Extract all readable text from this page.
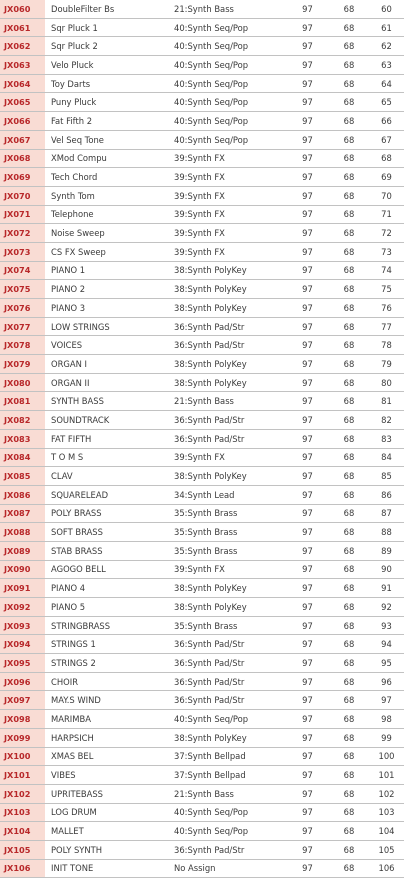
JX060	DoubleFilter Bs	21:Synth Bass	97	68	60
JX061	Sqr Pluck 1	40:Synth Seq/Pop	97	68	61
JX062	Sqr Pluck 2	40:Synth Seq/Pop	97	68	62
JX063	Velo Pluck	40:Synth Seq/Pop	97	68	63
JX064	Toy Darts	40:Synth Seq/Pop	97	68	64
JX065	Puny Pluck	40:Synth Seq/Pop	97	68	65
JX066	Fat Fifth 2	40:Synth Seq/Pop	97	68	66
JX067	Vel Seq Tone	40:Synth Seq/Pop	97	68	67
JX068	XMod Compu	39:Synth FX	97	68	68
JX069	Tech Chord	39:Synth FX	97	68	69
JX070	Synth Tom	39:Synth FX	97	68	70
JX071	Telephone	39:Synth FX	97	68	71
JX072	Noise Sweep	39:Synth FX	97	68	72
JX073	CS FX Sweep	39:Synth FX	97	68	73
JX074	PIANO 1	38:Synth PolyKey	97	68	74
JX075	PIANO 2	38:Synth PolyKey	97	68	75
JX076	PIANO 3	38:Synth PolyKey	97	68	76
JX077	LOW STRINGS	36:Synth Pad/Str	97	68	77
JX078	VOICES	36:Synth Pad/Str	97	68	78
JX079	ORGAN I	38:Synth PolyKey	97	68	79
JX080	ORGAN II	38:Synth PolyKey	97	68	80
JX081	SYNTH BASS	21:Synth Bass	97	68	81
JX082	SOUNDTRACK	36:Synth Pad/Str	97	68	82
JX083	FAT FIFTH	36:Synth Pad/Str	97	68	83
JX084	T O M S	39:Synth FX	97	68	84
JX085	CLAV	38:Synth PolyKey	97	68	85
JX086	SQUARELEAD	34:Synth Lead	97	68	86
JX087	POLY BRASS	35:Synth Brass	97	68	87
JX088	SOFT BRASS	35:Synth Brass	97	68	88
JX089	STAB BRASS	35:Synth Brass	97	68	89
JX090	AGOGO BELL	39:Synth FX	97	68	90
JX091	PIANO 4	38:Synth PolyKey	97	68	91
JX092	PIANO 5	38:Synth PolyKey	97	68	92
JX093	STRINGBRASS	35:Synth Brass	97	68	93
JX094	STRINGS 1	36:Synth Pad/Str	97	68	94
JX095	STRINGS 2	36:Synth Pad/Str	97	68	95
JX096	CHOIR	36:Synth Pad/Str	97	68	96
JX097	MAY.S WIND	36:Synth Pad/Str	97	68	97
JX098	MARIMBA	40:Synth Seq/Pop	97	68	98
JX099	HARPSICH	38:Synth PolyKey	97	68	99
JX100	XMAS BEL	37:Synth Bellpad	97	68	100
JX101	VIBES	37:Synth Bellpad	97	68	101
JX102	UPRITEBASS	21:Synth Bass	97	68	102
JX103	LOG DRUM	40:Synth Seq/Pop	97	68	103
JX104	MALLET	40:Synth Seq/Pop	97	68	104
JX105	POLY SYNTH	36:Synth Pad/Str	97	68	105
JX106	INIT TONE	No Assign	97	68	106
